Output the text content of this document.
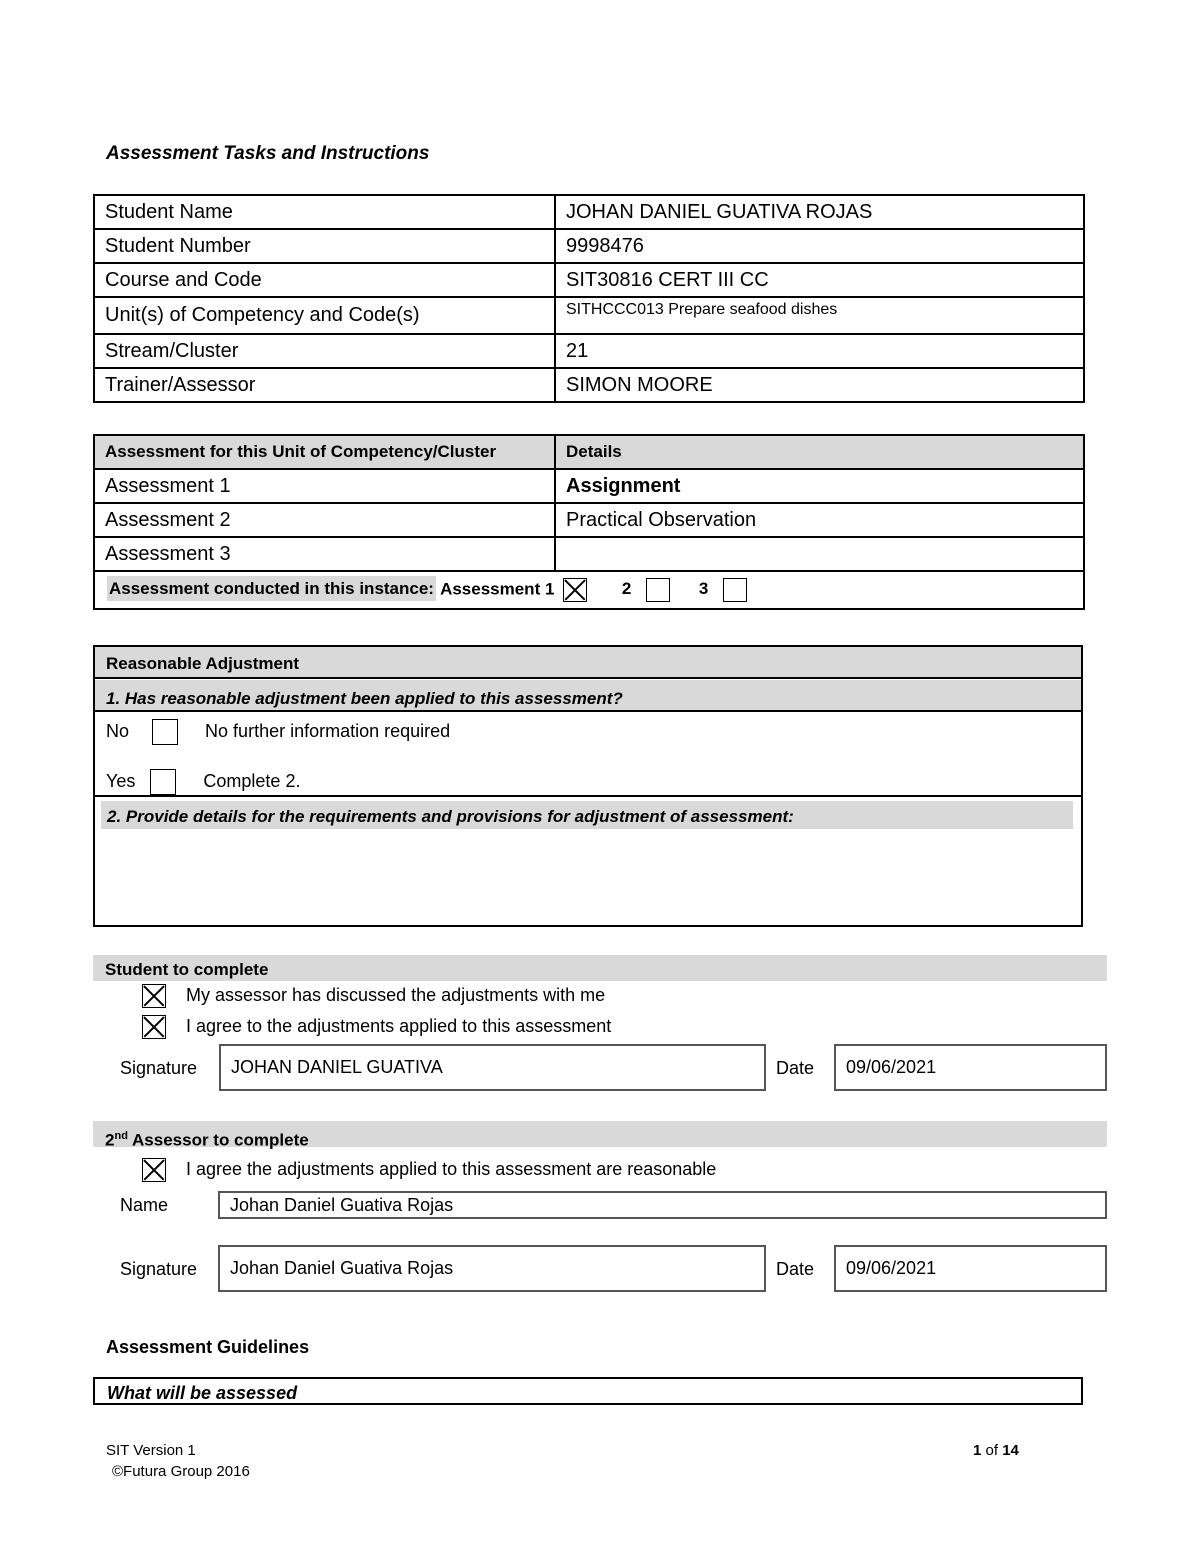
Assessment Tasks and Instructions
Student Name	JOHAN DANIEL GUATIVA ROJAS
Student Number	9998476
Course and Code	SIT30816 CERT III CC
Unit(s) of Competency and Code(s)	SITHCCC013 Prepare seafood dishes
Stream/Cluster	21
Trainer/Assessor	SIMON MOORE
Assessment for this Unit of Competency/Cluster	Details
Assessment 1	Assignment
Assessment 2	Practical Observation
Assessment 3	
Assessment conducted in this instance: Assessment 1 2 3	
Reasonable Adjustment
1. Has reasonable adjustment been applied to this assessment?
No	No further information required
Yes	Complete 2.
2. Provide details for the requirements and provisions for adjustment of assessment:
Student to complete
My assessor has discussed the adjustments with me
I agree to the adjustments applied to this assessment
Signature	JOHAN DANIEL GUATIVA	Date	09/06/2021
2nd Assessor to complete
I agree the adjustments applied to this assessment are reasonable
Name	Johan Daniel Guativa Rojas
Signature	Johan Daniel Guativa Rojas	Date	09/06/2021
Assessment Guidelines
What will be assessed
SIT Version 1
©Futura Group 2016
1 of 14
